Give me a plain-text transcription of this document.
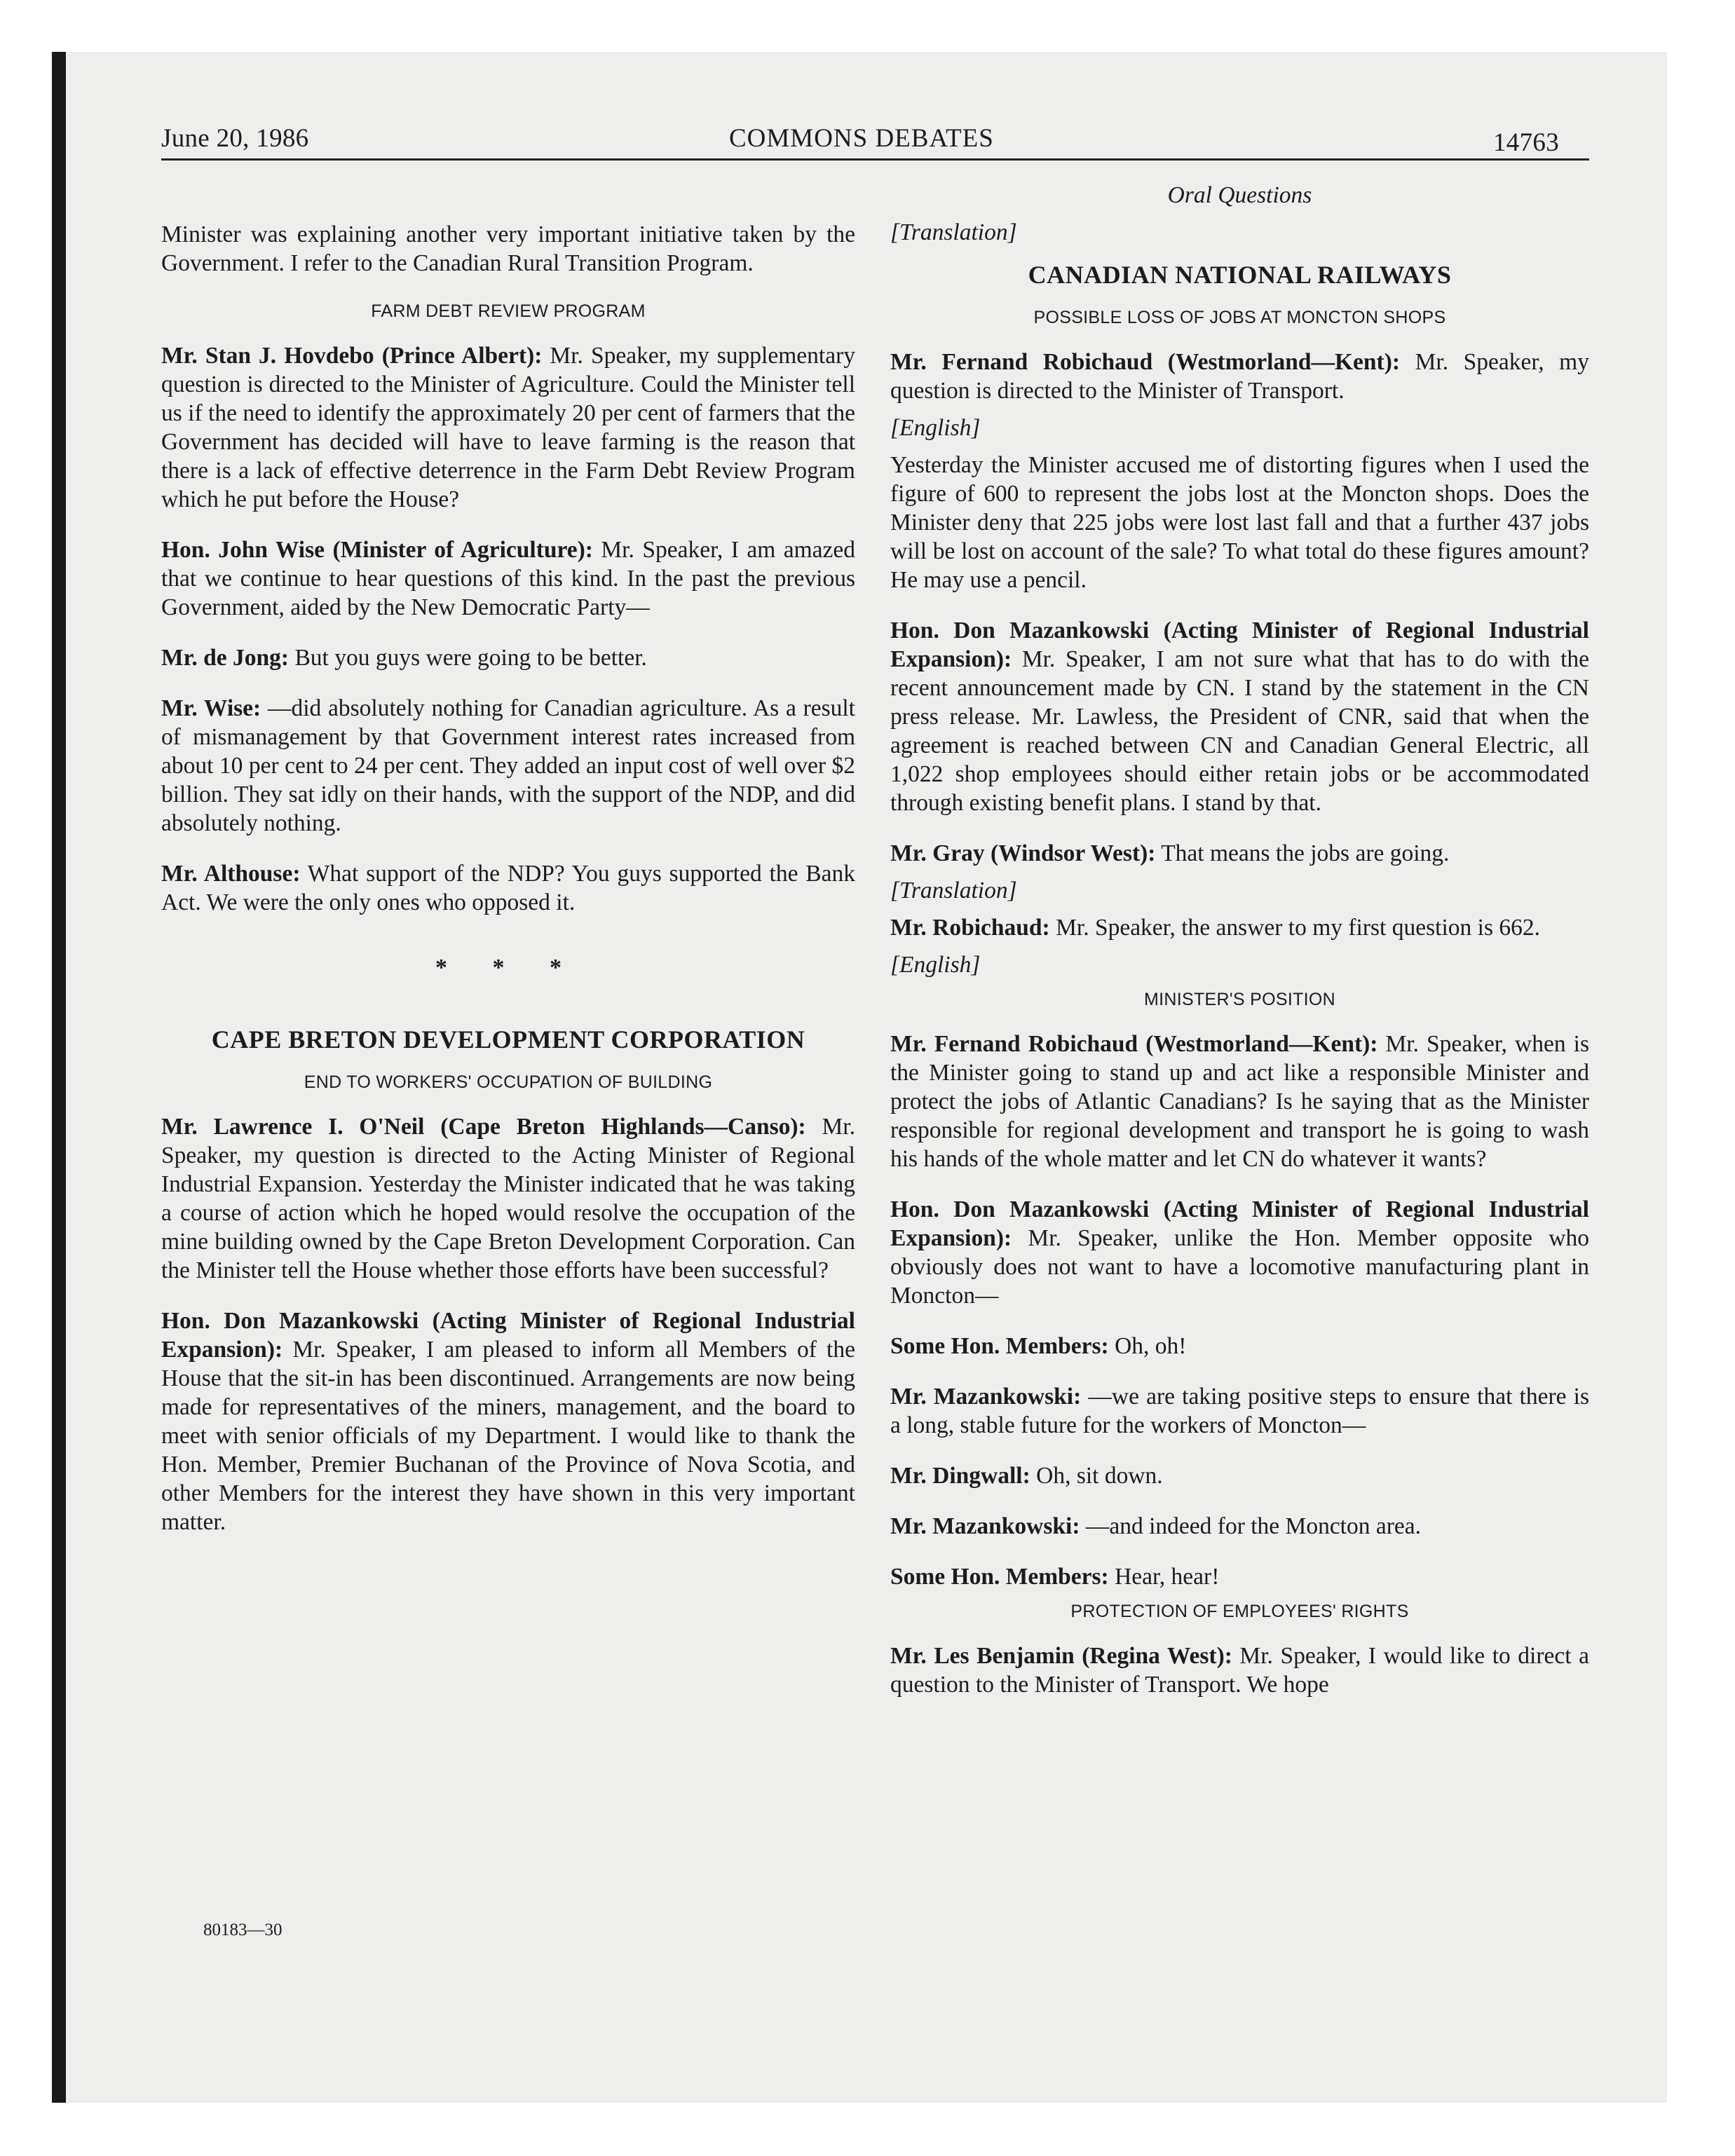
June 20, 1986	COMMONS DEBATES	14763

Minister was explaining another very important initiative taken by the Government. I refer to the Canadian Rural Transition Program.

FARM DEBT REVIEW PROGRAM

Mr. Stan J. Hovdebo (Prince Albert): Mr. Speaker, my supplementary question is directed to the Minister of Agriculture. Could the Minister tell us if the need to identify the approximately 20 per cent of farmers that the Government has decided will have to leave farming is the reason that there is a lack of effective deterrence in the Farm Debt Review Program which he put before the House?

Hon. John Wise (Minister of Agriculture): Mr. Speaker, I am amazed that we continue to hear questions of this kind. In the past the previous Government, aided by the New Democratic Party—

Mr. de Jong: But you guys were going to be better.

Mr. Wise: —did absolutely nothing for Canadian agriculture. As a result of mismanagement by that Government interest rates increased from about 10 per cent to 24 per cent. They added an input cost of well over $2 billion. They sat idly on their hands, with the support of the NDP, and did absolutely nothing.

Mr. Althouse: What support of the NDP? You guys supported the Bank Act. We were the only ones who opposed it.

* * *
CAPE BRETON DEVELOPMENT CORPORATION
END TO WORKERS' OCCUPATION OF BUILDING

Mr. Lawrence I. O'Neil (Cape Breton Highlands—Canso): Mr. Speaker, my question is directed to the Acting Minister of Regional Industrial Expansion. Yesterday the Minister indicated that he was taking a course of action which he hoped would resolve the occupation of the mine building owned by the Cape Breton Development Corporation. Can the Minister tell the House whether those efforts have been successful?

Hon. Don Mazankowski (Acting Minister of Regional Industrial Expansion): Mr. Speaker, I am pleased to inform all Members of the House that the sit-in has been discontinued. Arrangements are now being made for representatives of the miners, management, and the board to meet with senior officials of my Department. I would like to thank the Hon. Member, Premier Buchanan of the Province of Nova Scotia, and other Members for the interest they have shown in this very important matter.

Oral Questions

[Translation]

CANADIAN NATIONAL RAILWAYS
POSSIBLE LOSS OF JOBS AT MONCTON SHOPS

Mr. Fernand Robichaud (Westmorland—Kent): Mr. Speaker, my question is directed to the Minister of Transport.

[English]

Yesterday the Minister accused me of distorting figures when I used the figure of 600 to represent the jobs lost at the Moncton shops. Does the Minister deny that 225 jobs were lost last fall and that a further 437 jobs will be lost on account of the sale? To what total do these figures amount? He may use a pencil.

Hon. Don Mazankowski (Acting Minister of Regional Industrial Expansion): Mr. Speaker, I am not sure what that has to do with the recent announcement made by CN. I stand by the statement in the CN press release. Mr. Lawless, the President of CNR, said that when the agreement is reached between CN and Canadian General Electric, all 1,022 shop employees should either retain jobs or be accommodated through existing benefit plans. I stand by that.

Mr. Gray (Windsor West): That means the jobs are going.

[Translation]

Mr. Robichaud: Mr. Speaker, the answer to my first question is 662.

[English]

MINISTER'S POSITION

Mr. Fernand Robichaud (Westmorland—Kent): Mr. Speaker, when is the Minister going to stand up and act like a responsible Minister and protect the jobs of Atlantic Canadians? Is he saying that as the Minister responsible for regional development and transport he is going to wash his hands of the whole matter and let CN do whatever it wants?

Hon. Don Mazankowski (Acting Minister of Regional Industrial Expansion): Mr. Speaker, unlike the Hon. Member opposite who obviously does not want to have a locomotive manufacturing plant in Moncton—

Some Hon. Members: Oh, oh!

Mr. Mazankowski: —we are taking positive steps to ensure that there is a long, stable future for the workers of Moncton—

Mr. Dingwall: Oh, sit down.

Mr. Mazankowski: —and indeed for the Moncton area.

Some Hon. Members: Hear, hear!

PROTECTION OF EMPLOYEES' RIGHTS

Mr. Les Benjamin (Regina West): Mr. Speaker, I would like to direct a question to the Minister of Transport. We hope

80183—30
